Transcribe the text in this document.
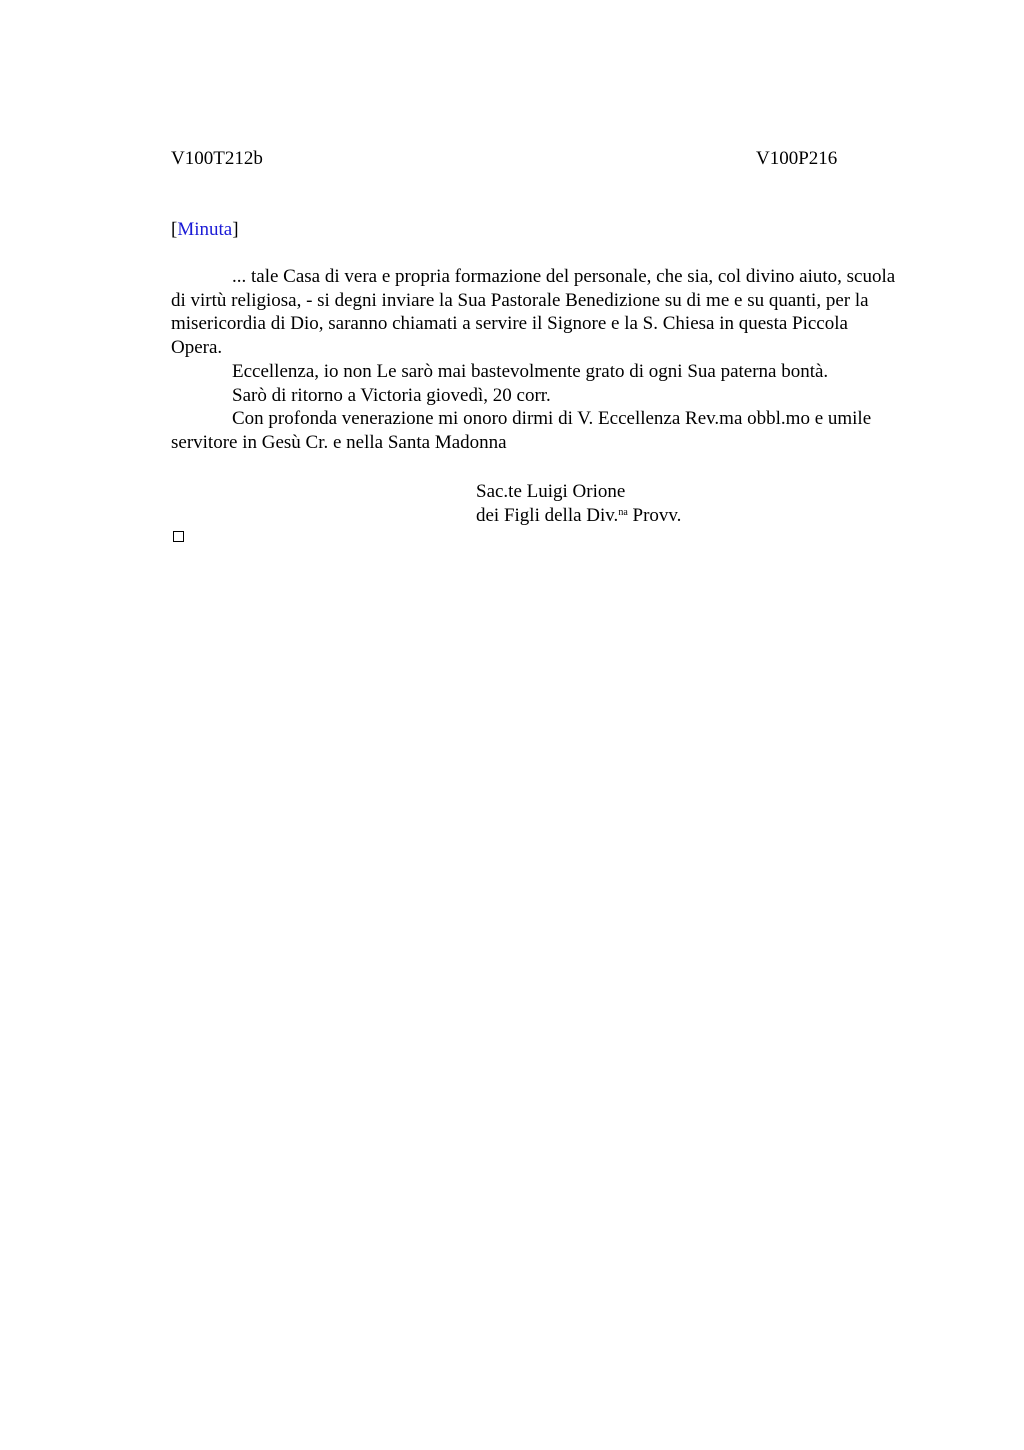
V100T212b	V100P216
[Minuta]

... tale Casa di vera e propria formazione del personale, che sia, col divino aiuto, scuola di virtù religiosa, - si degni inviare la Sua Pastorale Benedizione su di me e su quanti, per la misericordia di Dio, saranno chiamati a servire il Signore e la S. Chiesa in questa Piccola Opera.

Eccellenza, io non Le sarò mai bastevolmente grato di ogni Sua paterna bontà.

Sarò di ritorno a Victoria giovedì, 20 corr.

Con profonda venerazione mi onoro dirmi di V. Eccellenza Rev.ma obbl.mo e umile servitore in Gesù Cr. e nella Santa Madonna

Sac.te Luigi Orione
dei Figli della Div.$^{na}$ Provv.
